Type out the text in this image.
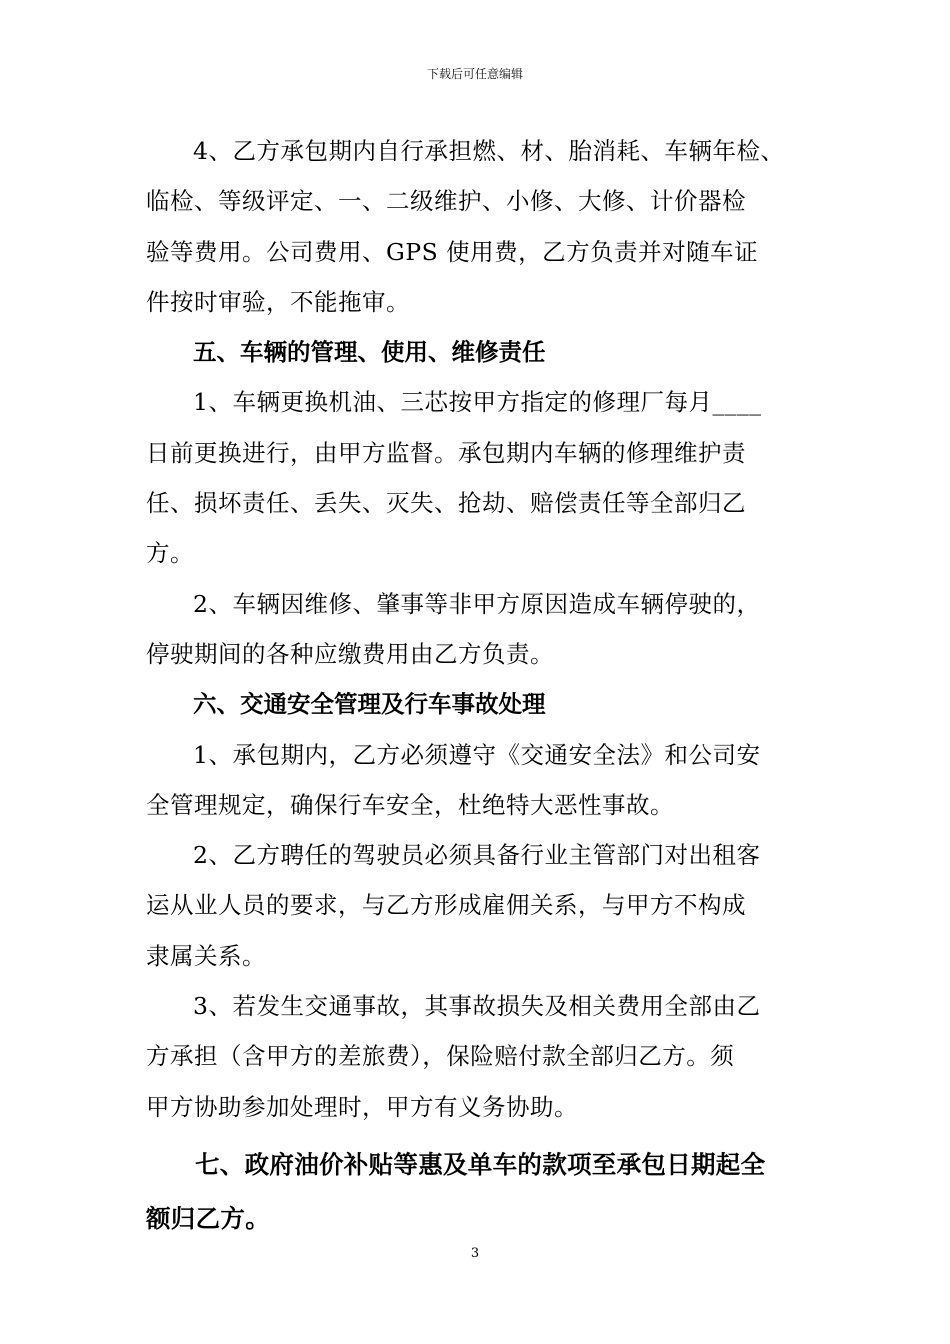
下载后可任意编辑

4、乙方承包期内自行承担燃、材、胎消耗、车辆年检、
临检、等级评定、一、二级维护、小修、大修、计价器检
验等费用。公司费用、GPS 使用费，乙方负责并对随车证
件按时审验，不能拖审。

五、车辆的管理、使用、维修责任

1、车辆更换机油、三芯按甲方指定的修理厂每月____
日前更换进行，由甲方监督。承包期内车辆的修理维护责
任、损坏责任、丢失、灭失、抢劫、赔偿责任等全部归乙
方。

2、车辆因维修、肇事等非甲方原因造成车辆停驶的，
停驶期间的各种应缴费用由乙方负责。

六、交通安全管理及行车事故处理

1、承包期内，乙方必须遵守《交通安全法》和公司安
全管理规定，确保行车安全，杜绝特大恶性事故。

2、乙方聘任的驾驶员必须具备行业主管部门对出租客
运从业人员的要求，与乙方形成雇佣关系，与甲方不构成
隶属关系。

3、若发生交通事故，其事故损失及相关费用全部由乙
方承担（含甲方的差旅费），保险赔付款全部归乙方。须
甲方协助参加处理时，甲方有义务协助。

七、政府油价补贴等惠及单车的款项至承包日期起全
额归乙方。

3
